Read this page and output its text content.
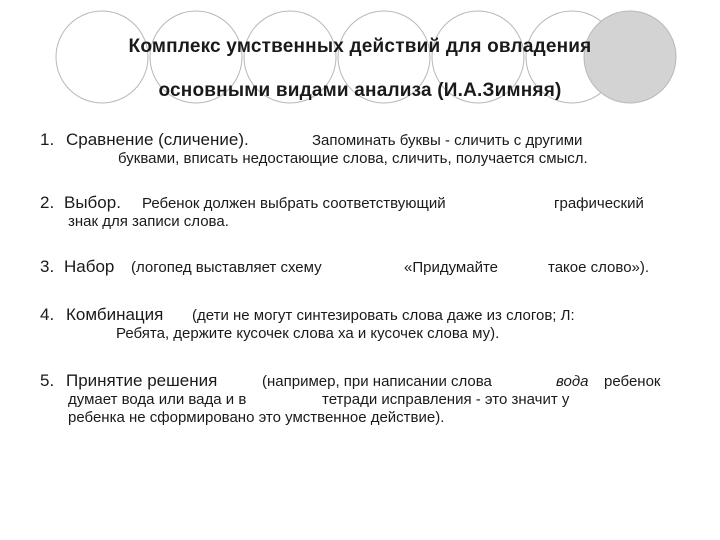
Комплекс умственных действий для овладения
основными видами анализа (И.А.Зимняя)
1. Сравнение (сличение).	Запоминать буквы - сличить с другими
буквами, вписать недостающие слова, сличить, получается смысл.
2. Выбор. Ребенок должен выбрать соответствующий	графический
знак для записи слова.
3. Набор (логопед выставляет схему	«Придумайте	такое слово»).
4. Комбинация (дети не могут синтезировать слова даже из слогов; Л:
Ребята, держите кусочек слова ха и кусочек слова му).
5. Принятие решения	(например, при написании слова	вода ребенок
думает вода или вада и в	тетради исправления - это значит у
ребенка не сформировано это умственное действие).
